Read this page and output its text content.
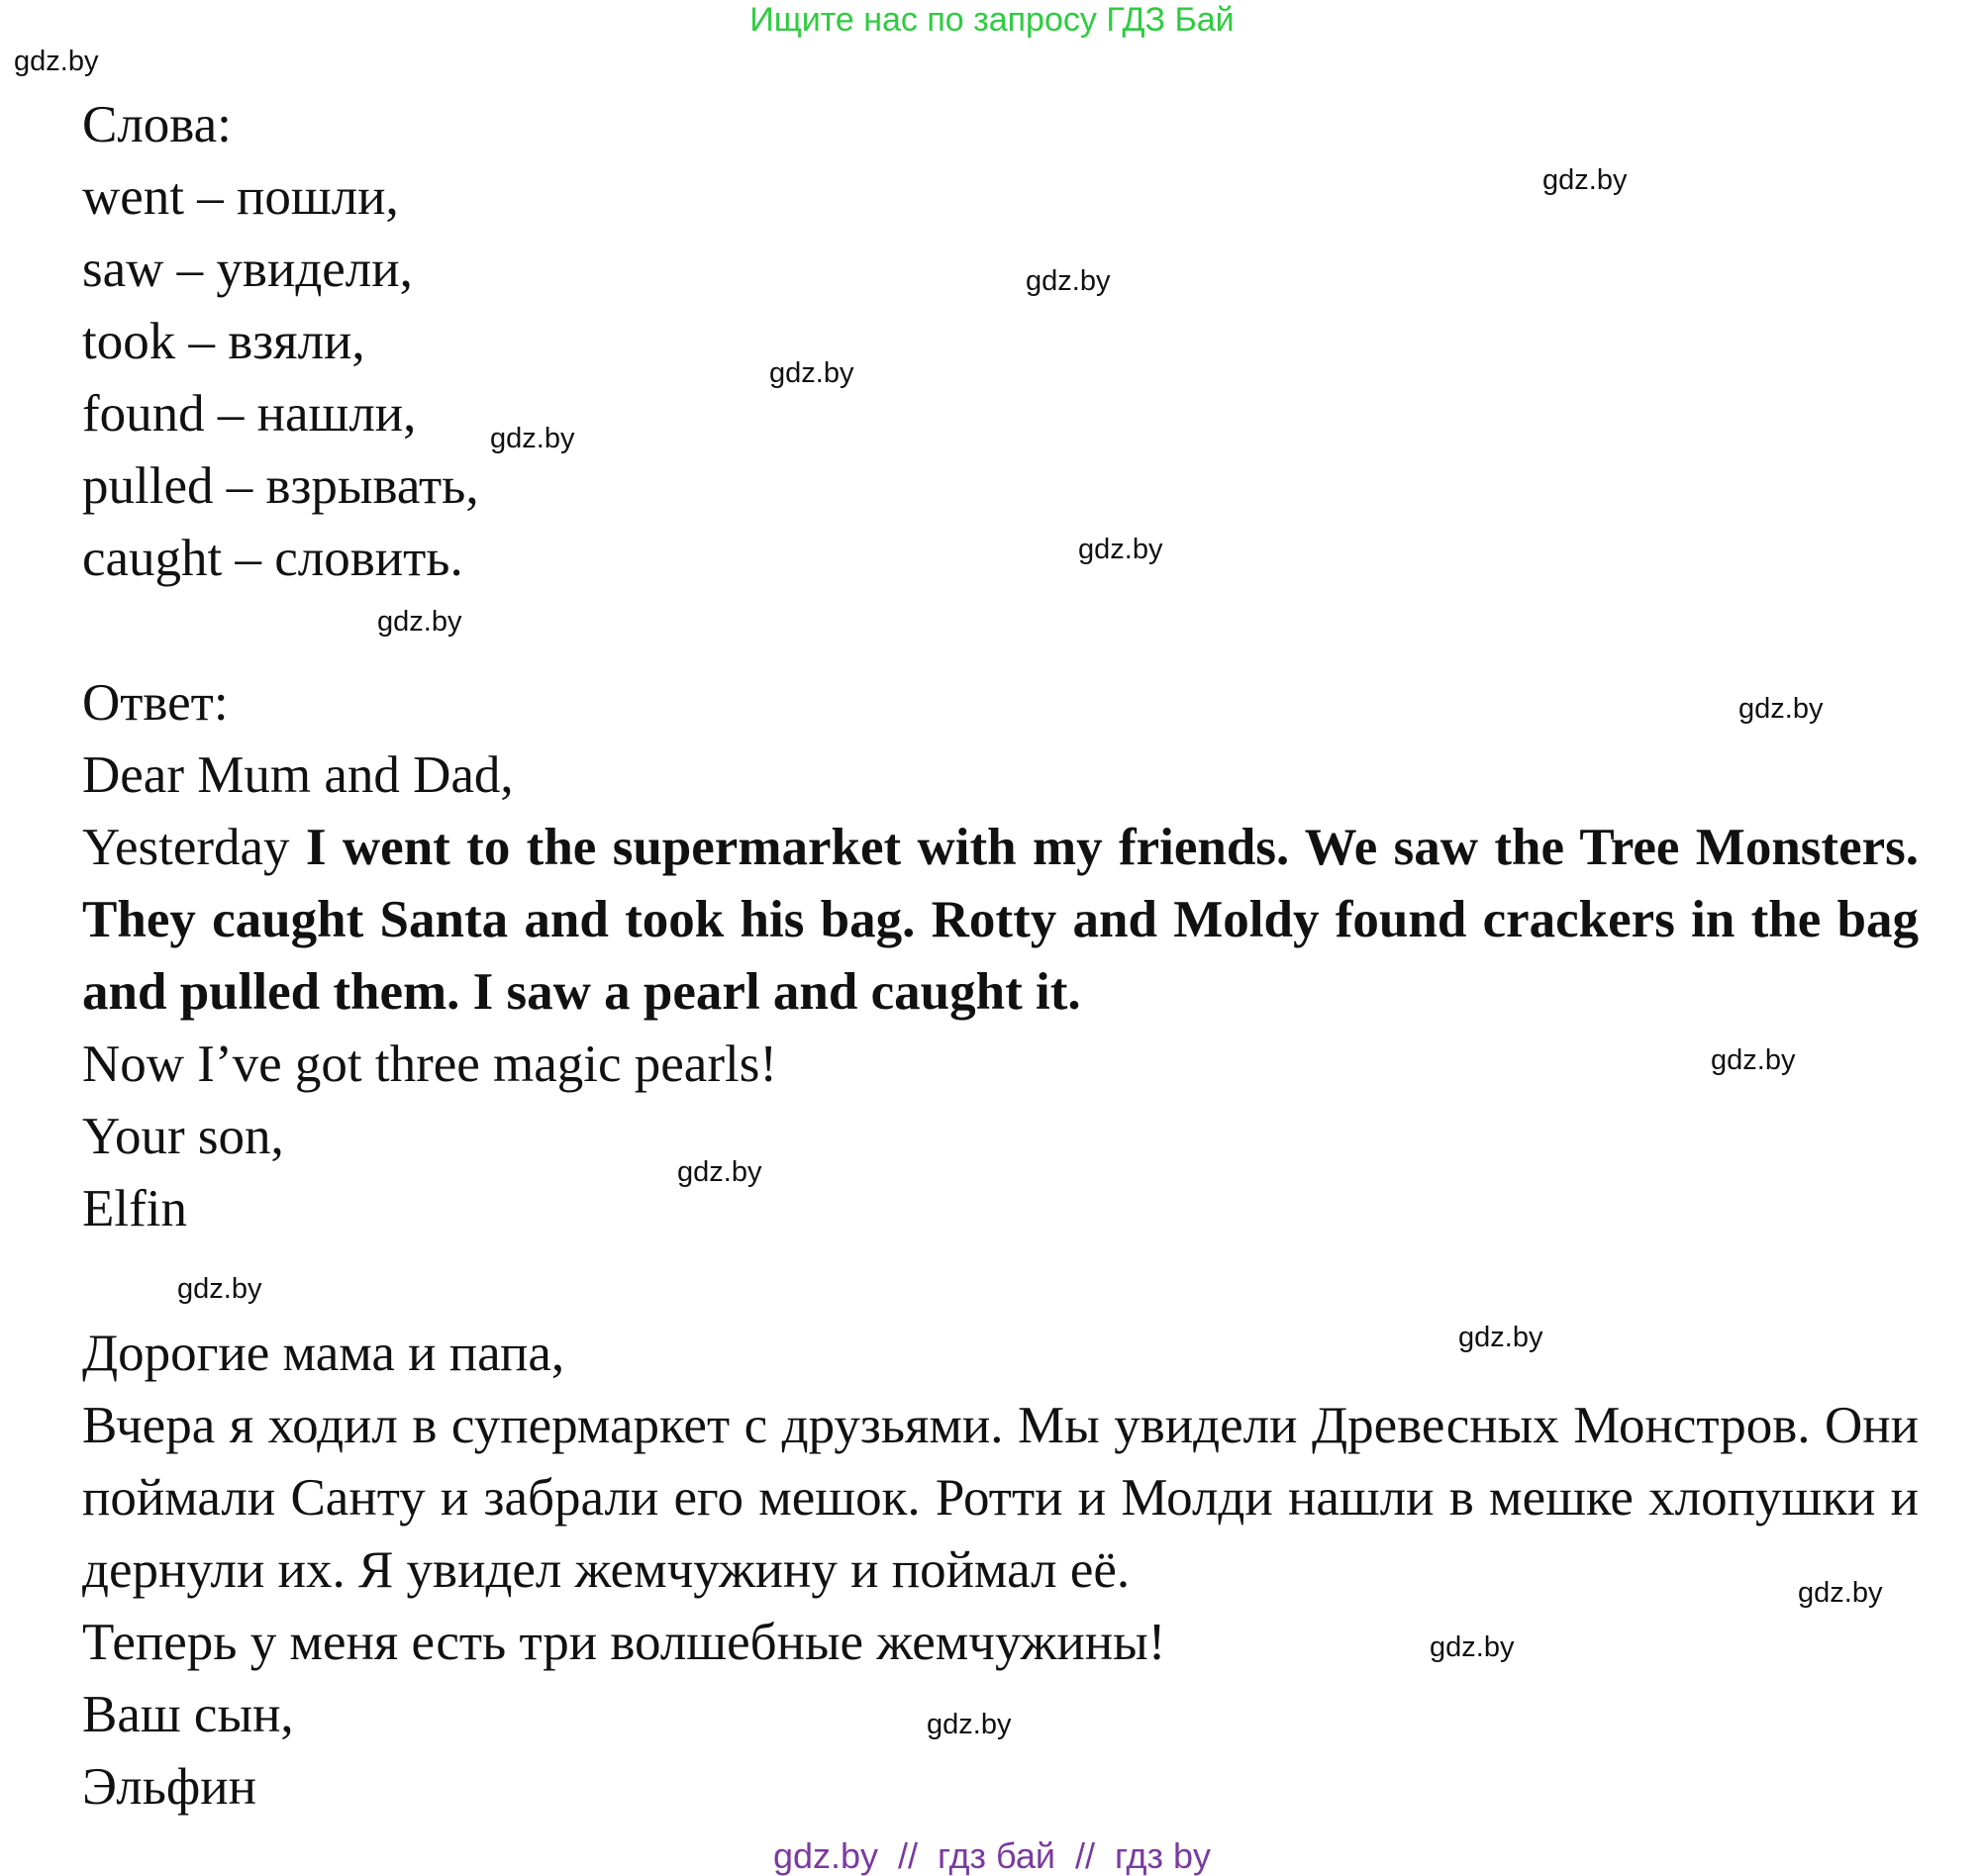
Ищите нас по запросу ГДЗ Бай
gdz.by
gdz.by
gdz.by
gdz.by
gdz.by
gdz.by
gdz.by
gdz.by
gdz.by
gdz.by
gdz.by
gdz.by
gdz.by
gdz.by
gdz.by
Слова:
went – пошли,
saw – увидели,
took – взяли,
found – нашли,
pulled – взрывать,
caught – словить.
Ответ:
Dear Mum and Dad,
Yesterday I went to the supermarket with my friends. We saw the Tree Monsters. They caught Santa and took his bag. Rotty and Moldy found crackers in the bag and pulled them. I saw a pearl and caught it.
Now I’ve got three magic pearls!
Your son,
Elfin
Дорогие мама и папа,
Вчера я ходил в супермаркет с друзьями. Мы увидели Древесных Монстров. Они поймали Санту и забрали его мешок. Ротти и Молди нашли в мешке хлопушки и дернули их. Я увидел жемчужину и поймал её.
Теперь у меня есть три волшебные жемчужины!
Ваш сын,
Эльфин
gdz.by  //  гдз бай  //  гдз by
